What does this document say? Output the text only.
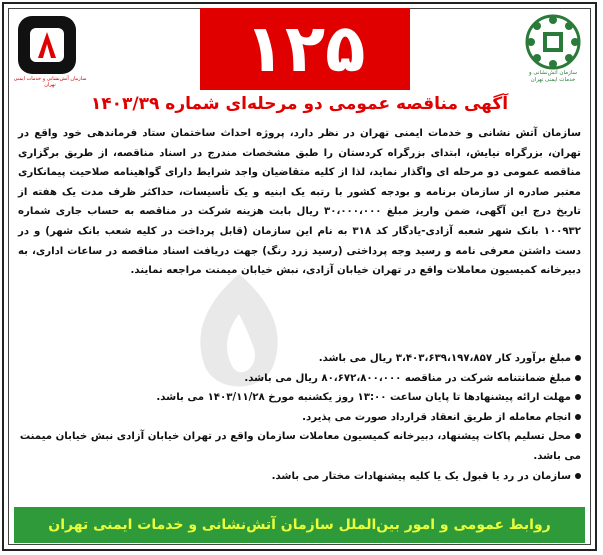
سازمان آتش‌نشانی و خدمات ایمنی تهران	۱۲۵	سازمان آتش‌نشانی و خدمات ایمنی تهران
آگهی مناقصه عمومی دو مرحله‌ای شماره ۱۴۰۳/۳۹
سازمان آتش نشانی و خدمات ایمنی تهران در نظر دارد، پروژه احداث ساختمان ستاد فرماندهی خود واقع در تهران، بزرگراه نیایش، ابتدای بزرگراه کردستان را طبق مشخصات مندرج در اسناد مناقصه، از طریق برگزاری مناقصه عمومی دو مرحله ای واگذار نماید، لذا از کلیه متقاضیان واجد شرایط دارای گواهینامه صلاحیت پیمانکاری معتبر صادره از سازمان برنامه و بودجه کشور با رتبه یک ابنیه و یک تأسیسات، حداکثر ظرف مدت یک هفته از تاریخ درج این آگهی، ضمن واریز مبلغ ۳۰،۰۰۰،۰۰۰ ریال بابت هزینه شرکت در مناقصه به حساب جاری شماره ۱۰۰۹۳۲ بانک شهر شعبه آزادی-یادگار کد ۳۱۸ به نام این سازمان (قابل پرداخت در کلیه شعب بانک شهر) و در دست داشتن معرفی نامه و رسید وجه پرداختی (رسید زرد رنگ) جهت دریافت اسناد مناقصه در ساعات اداری، به دبیرخانه کمیسیون معاملات واقع در تهران خیابان آزادی، نبش خیابان میمنت مراجعه نمایند.
مبلغ برآورد کار ۳،۴۰۳،۶۳۹،۱۹۷،۸۵۷ ریال می باشد.
مبلغ ضمانتنامه شرکت در مناقصه ۸۰،۶۷۲،۸۰۰،۰۰۰ ریال می باشد.
مهلت ارائه پیشنهادها تا پایان ساعت ۱۳:۰۰ روز یکشنبه مورخ ۱۴۰۳/۱۱/۲۸ می باشد.
انجام معامله از طریق انعقاد قرارداد صورت می پذیرد.
محل تسلیم پاکات پیشنهاد، دبیرخانه کمیسیون معاملات سازمان واقع در تهران خیابان آزادی نبش خیابان میمنت می باشد.
سازمان در رد یا قبول یک یا کلیه پیشنهادات مختار می باشد.
روابط عمومی و امور بین‌الملل سازمان آتش‌نشانی و خدمات ایمنی تهران
